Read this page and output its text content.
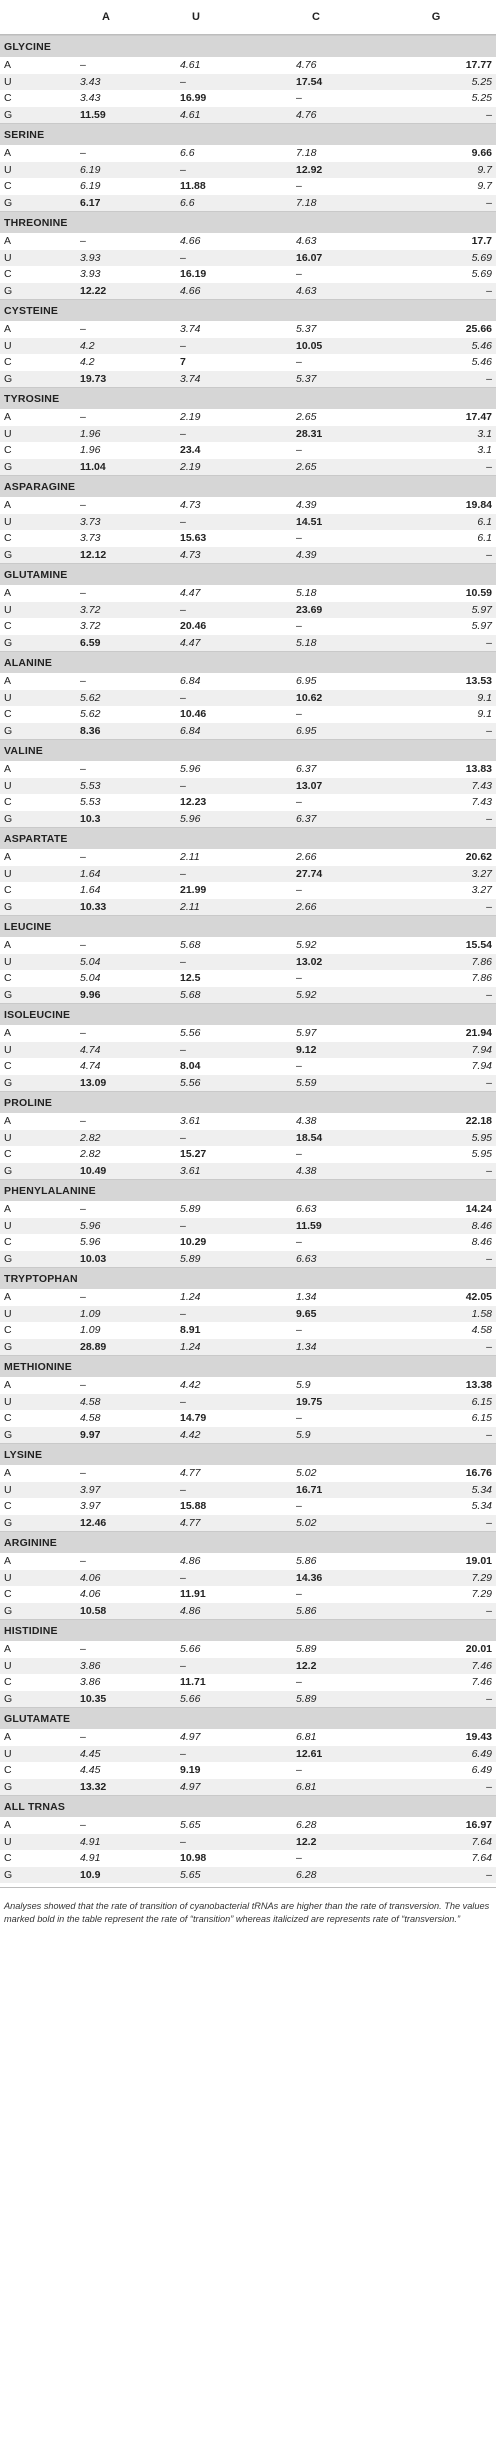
A	U	C	G
GLYCINE
A	–	4.61	4.76	17.77
U	3.43	–	17.54	5.25
C	3.43	16.99	–	5.25
G	11.59	4.61	4.76	–
SERINE
A	–	6.6	7.18	9.66
U	6.19	–	12.92	9.7
C	6.19	11.88	–	9.7
G	6.17	6.6	7.18	–
THREONINE
A	–	4.66	4.63	17.7
U	3.93	–	16.07	5.69
C	3.93	16.19	–	5.69
G	12.22	4.66	4.63	–
CYSTEINE
A	–	3.74	5.37	25.66
U	4.2	–	10.05	5.46
C	4.2	7	–	5.46
G	19.73	3.74	5.37	–
TYROSINE
A	–	2.19	2.65	17.47
U	1.96	–	28.31	3.1
C	1.96	23.4	–	3.1
G	11.04	2.19	2.65	–
ASPARAGINE
A	–	4.73	4.39	19.84
U	3.73	–	14.51	6.1
C	3.73	15.63	–	6.1
G	12.12	4.73	4.39	–
GLUTAMINE
A	–	4.47	5.18	10.59
U	3.72	–	23.69	5.97
C	3.72	20.46	–	5.97
G	6.59	4.47	5.18	–
ALANINE
A	–	6.84	6.95	13.53
U	5.62	–	10.62	9.1
C	5.62	10.46	–	9.1
G	8.36	6.84	6.95	–
VALINE
A	–	5.96	6.37	13.83
U	5.53	–	13.07	7.43
C	5.53	12.23	–	7.43
G	10.3	5.96	6.37	–
ASPARTATE
A	–	2.11	2.66	20.62
U	1.64	–	27.74	3.27
C	1.64	21.99	–	3.27
G	10.33	2.11	2.66	–
LEUCINE
A	–	5.68	5.92	15.54
U	5.04	–	13.02	7.86
C	5.04	12.5	–	7.86
G	9.96	5.68	5.92	–
ISOLEUCINE
A	–	5.56	5.97	21.94
U	4.74	–	9.12	7.94
C	4.74	8.04	–	7.94
G	13.09	5.56	5.59	–
PROLINE
A	–	3.61	4.38	22.18
U	2.82	–	18.54	5.95
C	2.82	15.27	–	5.95
G	10.49	3.61	4.38	–
PHENYLALANINE
A	–	5.89	6.63	14.24
U	5.96	–	11.59	8.46
C	5.96	10.29	–	8.46
G	10.03	5.89	6.63	–
TRYPTOPHAN
A	–	1.24	1.34	42.05
U	1.09	–	9.65	1.58
C	1.09	8.91	–	4.58
G	28.89	1.24	1.34	–
METHIONINE
A	–	4.42	5.9	13.38
U	4.58	–	19.75	6.15
C	4.58	14.79	–	6.15
G	9.97	4.42	5.9	–
LYSINE
A	–	4.77	5.02	16.76
U	3.97	–	16.71	5.34
C	3.97	15.88	–	5.34
G	12.46	4.77	5.02	–
ARGININE
A	–	4.86	5.86	19.01
U	4.06	–	14.36	7.29
C	4.06	11.91	–	7.29
G	10.58	4.86	5.86	–
HISTIDINE
A	–	5.66	5.89	20.01
U	3.86	–	12.2	7.46
C	3.86	11.71	–	7.46
G	10.35	5.66	5.89	–
GLUTAMATE
A	–	4.97	6.81	19.43
U	4.45	–	12.61	6.49
C	4.45	9.19	–	6.49
G	13.32	4.97	6.81	–
ALL TRNAS
A	–	5.65	6.28	16.97
U	4.91	–	12.2	7.64
C	4.91	10.98	–	7.64
G	10.9	5.65	6.28	–
Analyses showed that the rate of transition of cyanobacterial tRNAs are higher than the rate of transversion. The values marked bold in the table represent the rate of “transition” whereas italicized are represents rate of “transversion.”
